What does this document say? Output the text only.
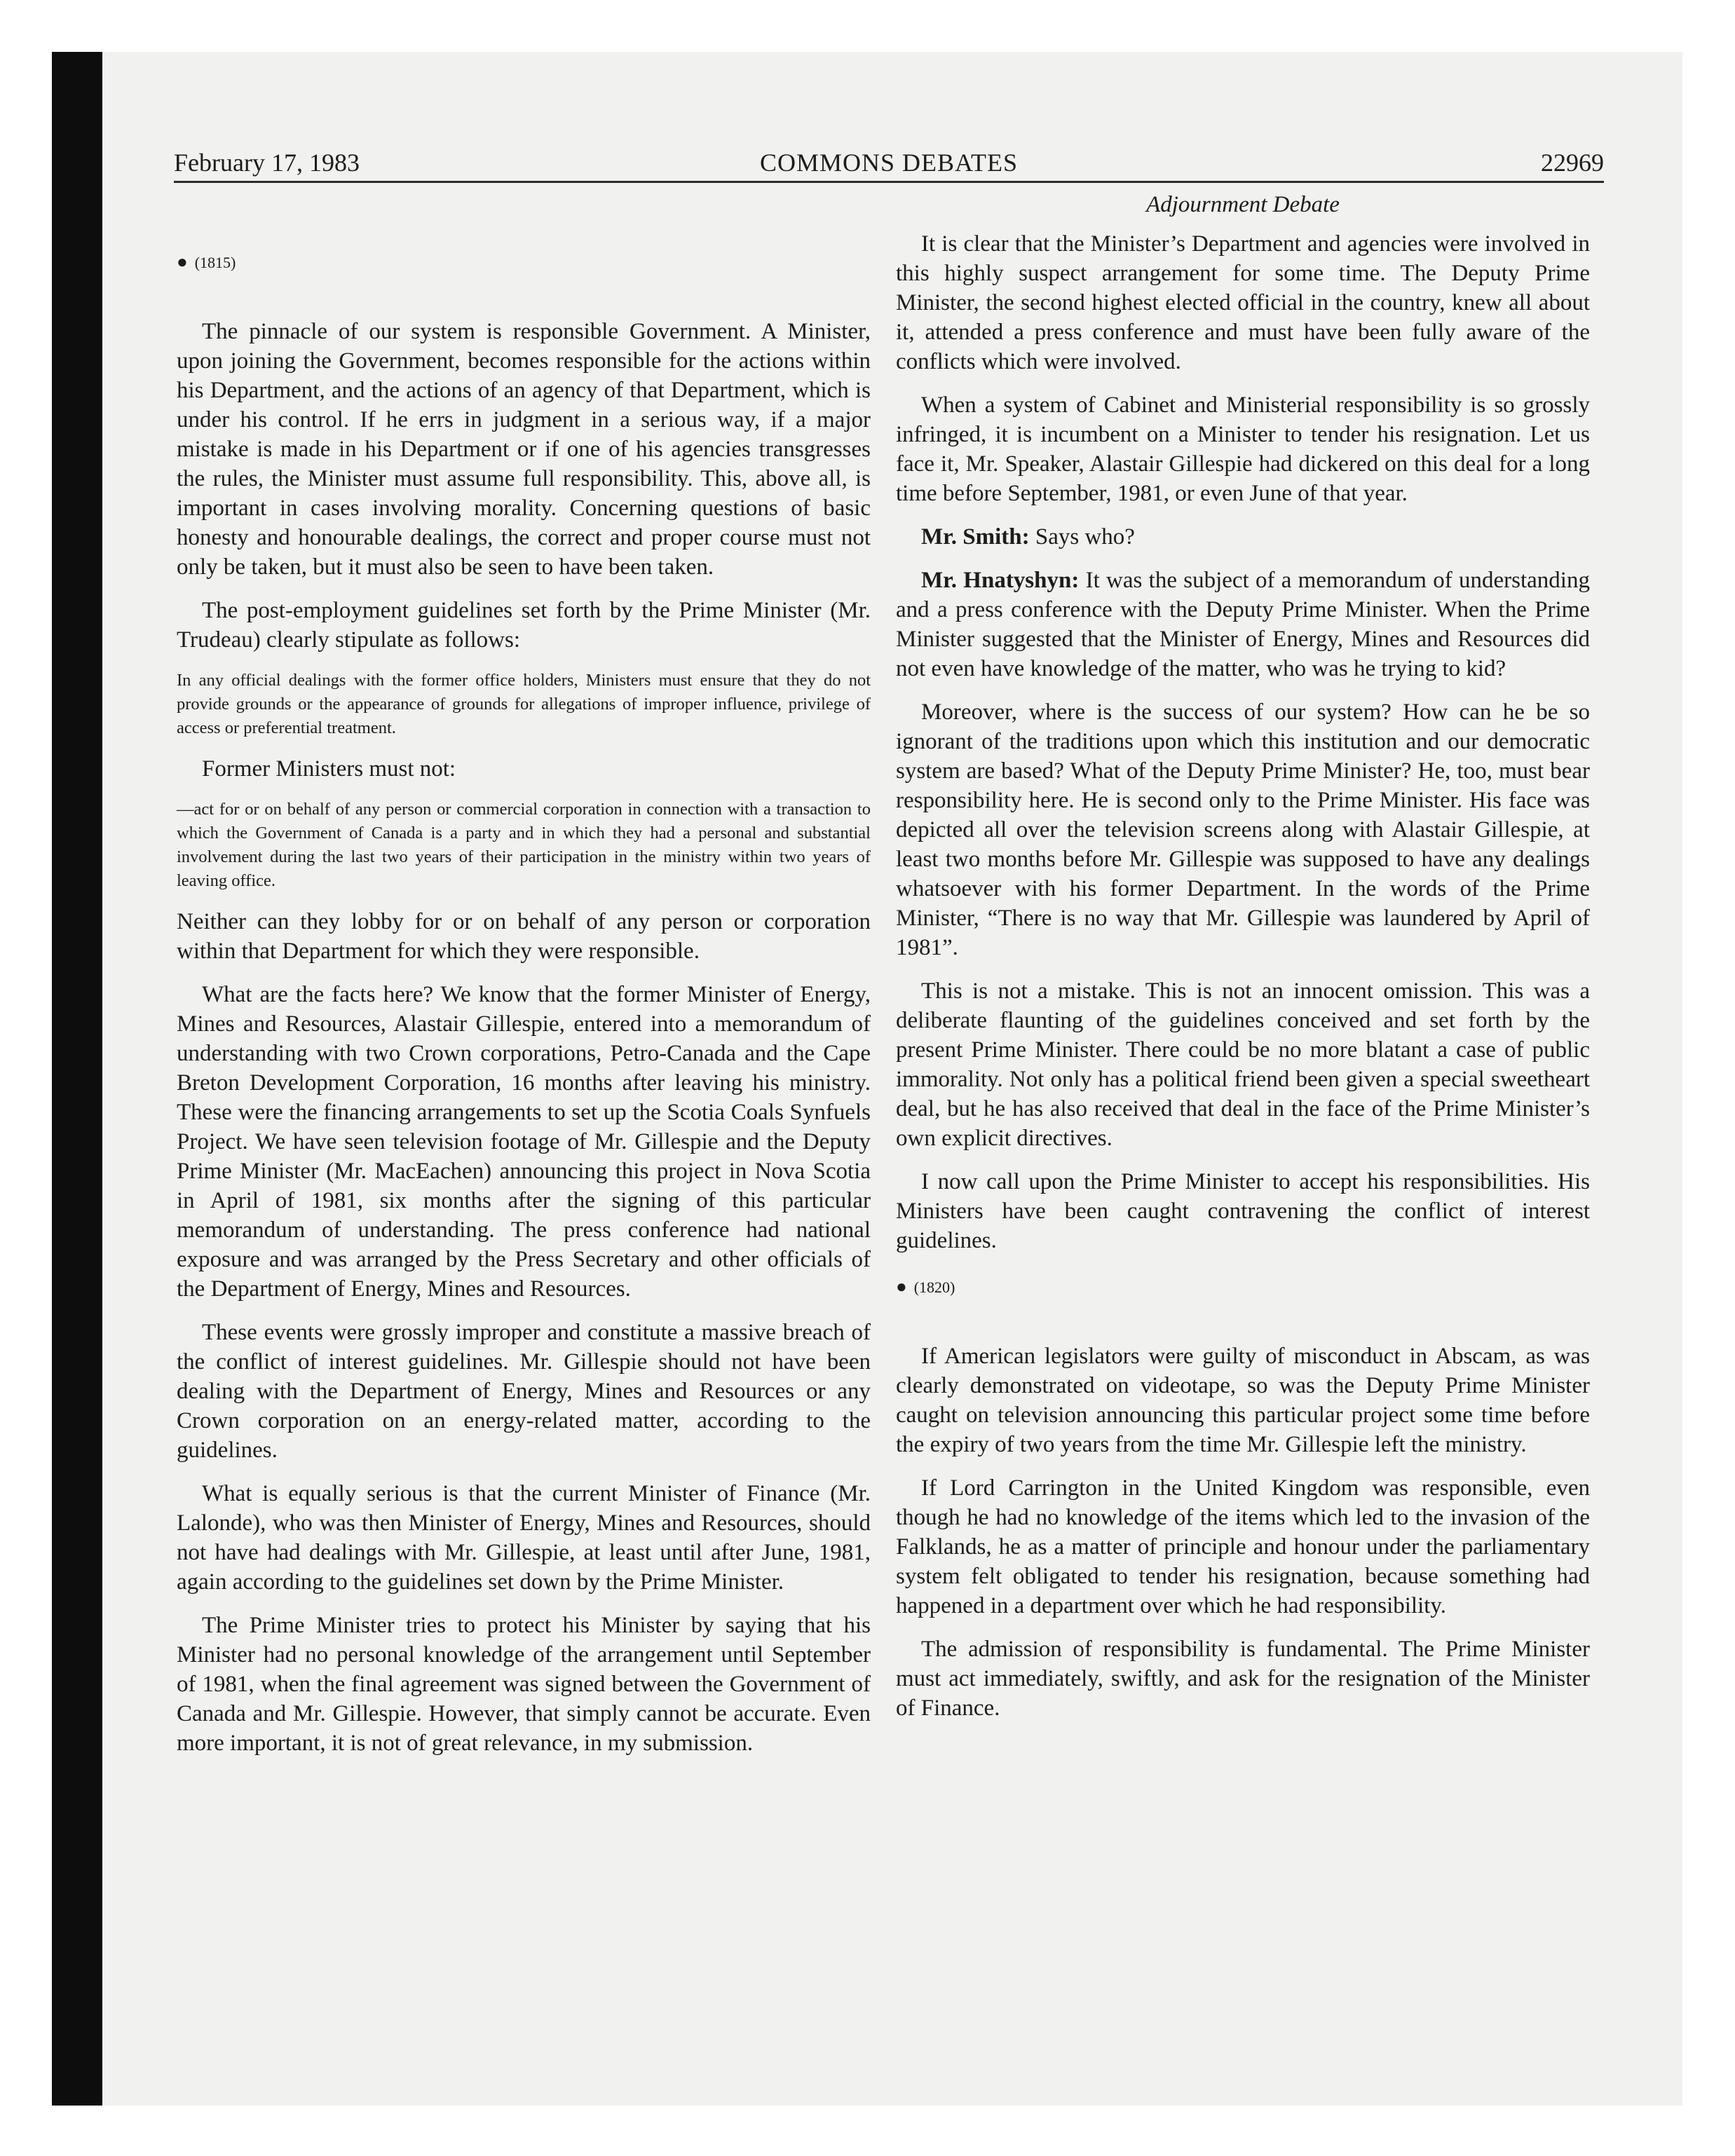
February 17, 1983	COMMONS DEBATES	22969
● (1815)

The pinnacle of our system is responsible Government. A Minister, upon joining the Government, becomes responsible for the actions within his Department, and the actions of an agency of that Department, which is under his control. If he errs in judgment in a serious way, if a major mistake is made in his Department or if one of his agencies transgresses the rules, the Minister must assume full responsibility. This, above all, is important in cases involving morality. Concerning questions of basic honesty and honourable dealings, the correct and proper course must not only be taken, but it must also be seen to have been taken.

The post-employment guidelines set forth by the Prime Minister (Mr. Trudeau) clearly stipulate as follows:

In any official dealings with the former office holders, Ministers must ensure that they do not provide grounds or the appearance of grounds for allegations of improper influence, privilege of access or preferential treatment.

Former Ministers must not:

—act for or on behalf of any person or commercial corporation in connection with a transaction to which the Government of Canada is a party and in which they had a personal and substantial involvement during the last two years of their participation in the ministry within two years of leaving office.

Neither can they lobby for or on behalf of any person or corporation within that Department for which they were responsible.

What are the facts here? We know that the former Minister of Energy, Mines and Resources, Alastair Gillespie, entered into a memorandum of understanding with two Crown corporations, Petro-Canada and the Cape Breton Development Corporation, 16 months after leaving his ministry. These were the financing arrangements to set up the Scotia Coals Synfuels Project. We have seen television footage of Mr. Gillespie and the Deputy Prime Minister (Mr. MacEachen) announcing this project in Nova Scotia in April of 1981, six months after the signing of this particular memorandum of understanding. The press conference had national exposure and was arranged by the Press Secretary and other officials of the Department of Energy, Mines and Resources.

These events were grossly improper and constitute a massive breach of the conflict of interest guidelines. Mr. Gillespie should not have been dealing with the Department of Energy, Mines and Resources or any Crown corporation on an energy-related matter, according to the guidelines.

What is equally serious is that the current Minister of Finance (Mr. Lalonde), who was then Minister of Energy, Mines and Resources, should not have had dealings with Mr. Gillespie, at least until after June, 1981, again according to the guidelines set down by the Prime Minister.

The Prime Minister tries to protect his Minister by saying that his Minister had no personal knowledge of the arrangement until September of 1981, when the final agreement was signed between the Government of Canada and Mr. Gillespie. However, that simply cannot be accurate. Even more important, it is not of great relevance, in my submission.

Adjournment Debate

It is clear that the Minister’s Department and agencies were involved in this highly suspect arrangement for some time. The Deputy Prime Minister, the second highest elected official in the country, knew all about it, attended a press conference and must have been fully aware of the conflicts which were involved.

When a system of Cabinet and Ministerial responsibility is so grossly infringed, it is incumbent on a Minister to tender his resignation. Let us face it, Mr. Speaker, Alastair Gillespie had dickered on this deal for a long time before September, 1981, or even June of that year.

Mr. Smith: Says who?

Mr. Hnatyshyn: It was the subject of a memorandum of understanding and a press conference with the Deputy Prime Minister. When the Prime Minister suggested that the Minister of Energy, Mines and Resources did not even have knowledge of the matter, who was he trying to kid?

Moreover, where is the success of our system? How can he be so ignorant of the traditions upon which this institution and our democratic system are based? What of the Deputy Prime Minister? He, too, must bear responsibility here. He is second only to the Prime Minister. His face was depicted all over the television screens along with Alastair Gillespie, at least two months before Mr. Gillespie was supposed to have any dealings whatsoever with his former Department. In the words of the Prime Minister, “There is no way that Mr. Gillespie was laundered by April of 1981”.

This is not a mistake. This is not an innocent omission. This was a deliberate flaunting of the guidelines conceived and set forth by the present Prime Minister. There could be no more blatant a case of public immorality. Not only has a political friend been given a special sweetheart deal, but he has also received that deal in the face of the Prime Minister’s own explicit directives.

I now call upon the Prime Minister to accept his responsibilities. His Ministers have been caught contravening the conflict of interest guidelines.

● (1820)

If American legislators were guilty of misconduct in Abscam, as was clearly demonstrated on videotape, so was the Deputy Prime Minister caught on television announcing this particular project some time before the expiry of two years from the time Mr. Gillespie left the ministry.

If Lord Carrington in the United Kingdom was responsible, even though he had no knowledge of the items which led to the invasion of the Falklands, he as a matter of principle and honour under the parliamentary system felt obligated to tender his resignation, because something had happened in a department over which he had responsibility.

The admission of responsibility is fundamental. The Prime Minister must act immediately, swiftly, and ask for the resignation of the Minister of Finance.
